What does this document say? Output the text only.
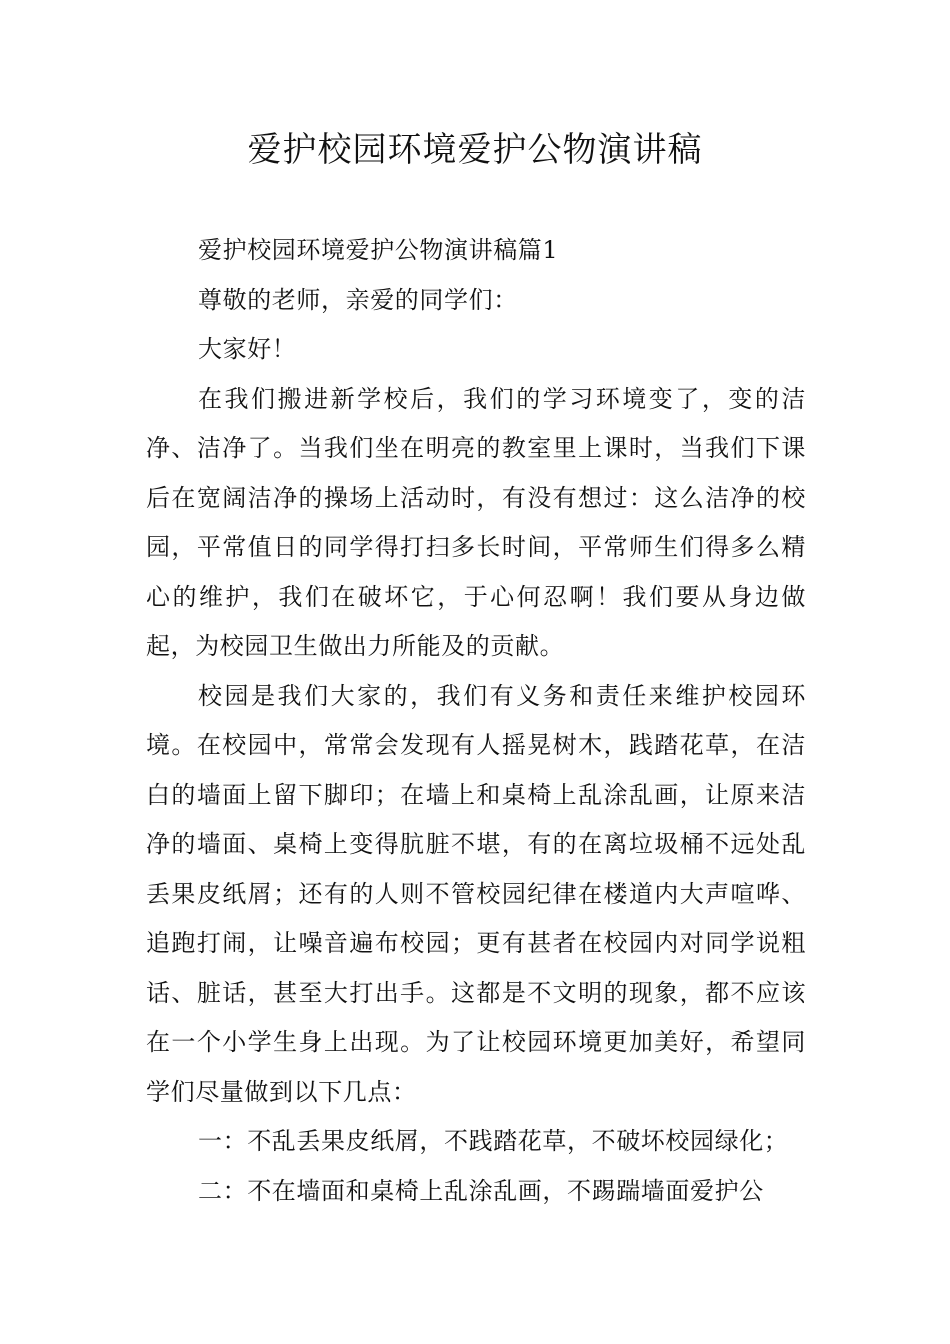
爱护校园环境爱护公物演讲稿

爱护校园环境爱护公物演讲稿篇1

尊敬的老师，亲爱的同学们：

大家好！

在我们搬进新学校后，我们的学习环境变了，变的洁净、洁净了。当我们坐在明亮的教室里上课时，当我们下课后在宽阔洁净的操场上活动时，有没有想过：这么洁净的校园，平常值日的同学得打扫多长时间，平常师生们得多么精心的维护，我们在破坏它，于心何忍啊！我们要从身边做起，为校园卫生做出力所能及的贡献。

校园是我们大家的，我们有义务和责任来维护校园环境。在校园中，常常会发现有人摇晃树木，践踏花草，在洁白的墙面上留下脚印；在墙上和桌椅上乱涂乱画，让原来洁净的墙面、桌椅上变得肮脏不堪，有的在离垃圾桶不远处乱丢果皮纸屑；还有的人则不管校园纪律在楼道内大声喧哗、追跑打闹，让噪音遍布校园；更有甚者在校园内对同学说粗话、脏话，甚至大打出手。这都是不文明的现象，都不应该在一个小学生身上出现。为了让校园环境更加美好，希望同学们尽量做到以下几点：

一：不乱丢果皮纸屑，不践踏花草，不破坏校园绿化；

二：不在墙面和桌椅上乱涂乱画，不踢踹墙面爱护公
